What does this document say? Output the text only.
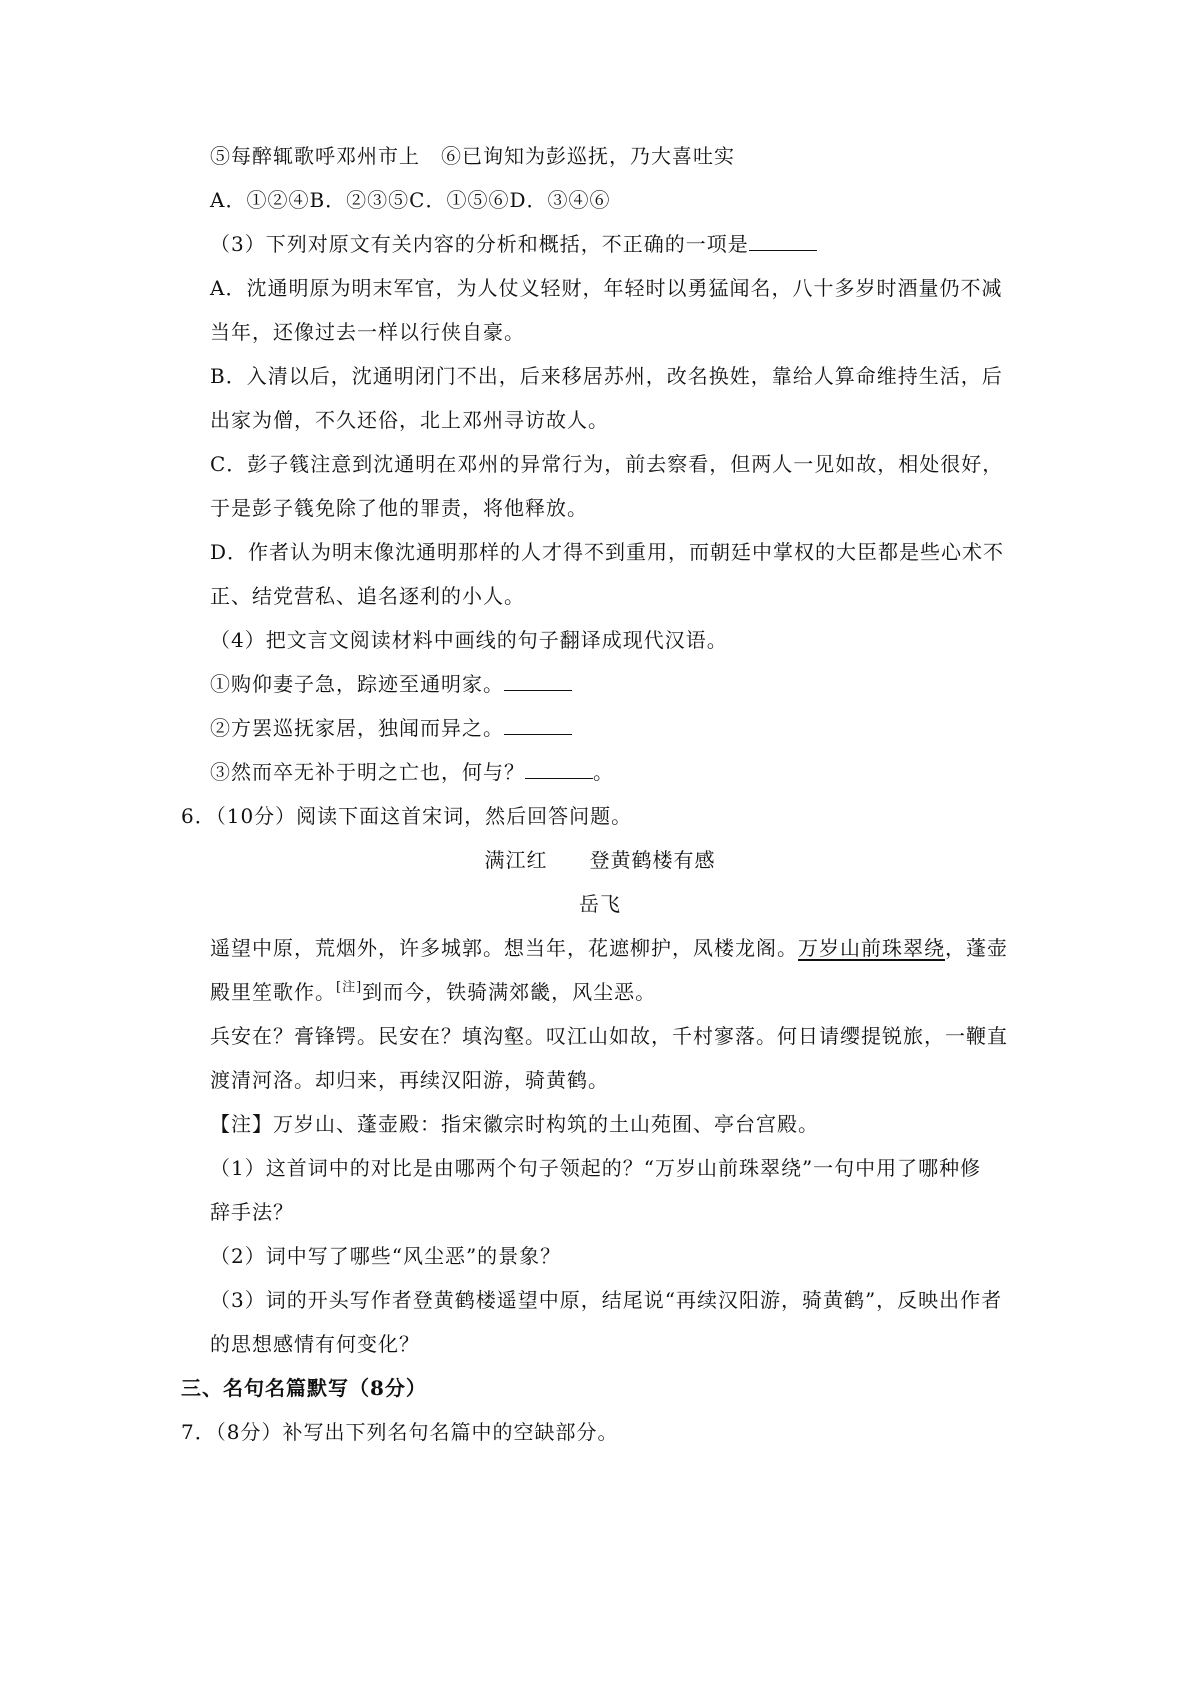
⑤每醉辄歌呼邓州市上　⑥已询知为彭巡抚，乃大喜吐实
A．①②④B．②③⑤C．①⑤⑥D．③④⑥
（3）下列对原文有关内容的分析和概括，不正确的一项是
A．沈通明原为明末军官，为人仗义轻财，年轻时以勇猛闻名，八十多岁时酒量仍不减
当年，还像过去一样以行侠自豪。
B．入清以后，沈通明闭门不出，后来移居苏州，改名换姓，靠给人算命维持生活，后
出家为僧，不久还俗，北上邓州寻访故人。
C．彭子篯注意到沈通明在邓州的异常行为，前去察看，但两人一见如故，相处很好，
于是彭子篯免除了他的罪责，将他释放。
D．作者认为明末像沈通明那样的人才得不到重用，而朝廷中掌权的大臣都是些心术不
正、结党营私、追名逐利的小人。
（4）把文言文阅读材料中画线的句子翻译成现代汉语。
①购仰妻子急，踪迹至通明家。
②方罢巡抚家居，独闻而异之。
③然而卒无补于明之亡也，何与？	。
6．（10分）阅读下面这首宋词，然后回答问题。
满江红　　登黄鹤楼有感
岳飞
遥望中原，荒烟外，许多城郭。想当年，花遮柳护，凤楼龙阁。万岁山前珠翠绕，蓬壶
殿里笙歌作。[注]到而今，铁骑满郊畿，风尘恶。
兵安在？膏锋锷。民安在？填沟壑。叹江山如故，千村寥落。何日请缨提锐旅，一鞭直
渡清河洛。却归来，再续汉阳游，骑黄鹤。
【注】万岁山、蓬壶殿：指宋徽宗时构筑的土山苑囿、亭台宫殿。
（1）这首词中的对比是由哪两个句子领起的？“万岁山前珠翠绕”一句中用了哪种修
辞手法？
（2）词中写了哪些“风尘恶”的景象？
（3）词的开头写作者登黄鹤楼遥望中原，结尾说“再续汉阳游，骑黄鹤”，反映出作者
的思想感情有何变化？
三、名句名篇默写（8分）
7．（8分）补写出下列名句名篇中的空缺部分。
